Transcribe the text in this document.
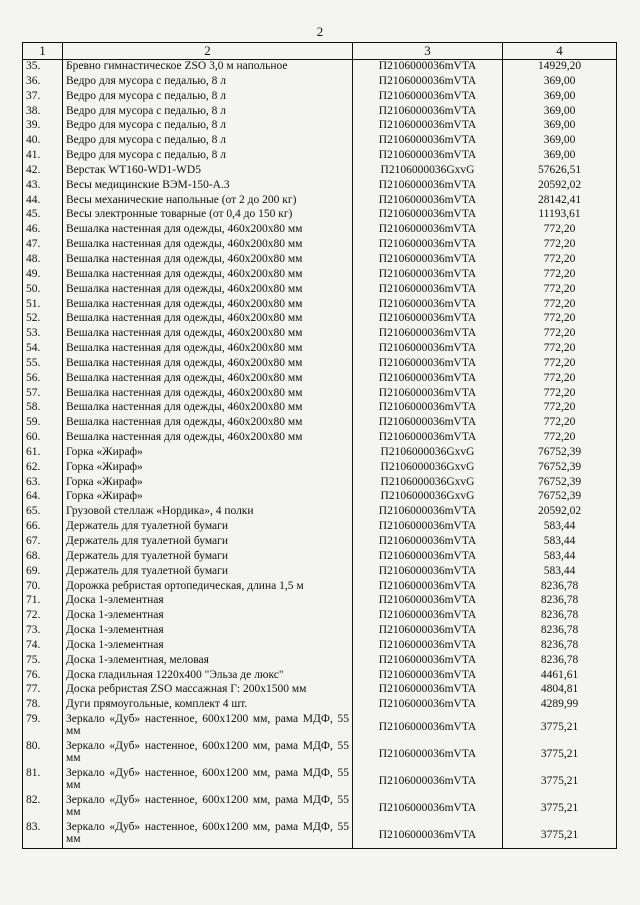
2
1	2	3	4
35.	Бревно гимнастическое ZSO 3,0 м напольное	П2106000036mVTA	14929,20
36.	Ведро для мусора с педалью, 8 л	П2106000036mVTA	369,00
37.	Ведро для мусора с педалью, 8 л	П2106000036mVTA	369,00
38.	Ведро для мусора с педалью, 8 л	П2106000036mVTA	369,00
39.	Ведро для мусора с педалью, 8 л	П2106000036mVTA	369,00
40.	Ведро для мусора с педалью, 8 л	П2106000036mVTA	369,00
41.	Ведро для мусора с педалью, 8 л	П2106000036mVTA	369,00
42.	Верстак WT160-WD1-WD5	П2106000036GxvG	57626,51
43.	Весы медицинские ВЭМ-150-А.3	П2106000036mVTA	20592,02
44.	Весы механические напольные (от 2 до 200 кг)	П2106000036mVTA	28142,41
45.	Весы электронные товарные (от 0,4 до 150 кг)	П2106000036mVTA	11193,61
46.	Вешалка настенная для одежды, 460х200х80 мм	П2106000036mVTA	772,20
47.	Вешалка настенная для одежды, 460х200х80 мм	П2106000036mVTA	772,20
48.	Вешалка настенная для одежды, 460х200х80 мм	П2106000036mVTA	772,20
49.	Вешалка настенная для одежды, 460х200х80 мм	П2106000036mVTA	772,20
50.	Вешалка настенная для одежды, 460х200х80 мм	П2106000036mVTA	772,20
51.	Вешалка настенная для одежды, 460х200х80 мм	П2106000036mVTA	772,20
52.	Вешалка настенная для одежды, 460х200х80 мм	П2106000036mVTA	772,20
53.	Вешалка настенная для одежды, 460х200х80 мм	П2106000036mVTA	772,20
54.	Вешалка настенная для одежды, 460х200х80 мм	П2106000036mVTA	772,20
55.	Вешалка настенная для одежды, 460х200х80 мм	П2106000036mVTA	772,20
56.	Вешалка настенная для одежды, 460х200х80 мм	П2106000036mVTA	772,20
57.	Вешалка настенная для одежды, 460х200х80 мм	П2106000036mVTA	772,20
58.	Вешалка настенная для одежды, 460х200х80 мм	П2106000036mVTA	772,20
59.	Вешалка настенная для одежды, 460х200х80 мм	П2106000036mVTA	772,20
60.	Вешалка настенная для одежды, 460х200х80 мм	П2106000036mVTA	772,20
61.	Горка «Жираф»	П2106000036GxvG	76752,39
62.	Горка «Жираф»	П2106000036GxvG	76752,39
63.	Горка «Жираф»	П2106000036GxvG	76752,39
64.	Горка «Жираф»	П2106000036GxvG	76752,39
65.	Грузовой стеллаж «Нордика», 4 полки	П2106000036mVTA	20592,02
66.	Держатель для туалетной бумаги	П2106000036mVTA	583,44
67.	Держатель для туалетной бумаги	П2106000036mVTA	583,44
68.	Держатель для туалетной бумаги	П2106000036mVTA	583,44
69.	Держатель для туалетной бумаги	П2106000036mVTA	583,44
70.	Дорожка ребристая ортопедическая, длина 1,5 м	П2106000036mVTA	8236,78
71.	Доска 1-элементная	П2106000036mVTA	8236,78
72.	Доска 1-элементная	П2106000036mVTA	8236,78
73.	Доска 1-элементная	П2106000036mVTA	8236,78
74.	Доска 1-элементная	П2106000036mVTA	8236,78
75.	Доска 1-элементная, меловая	П2106000036mVTA	8236,78
76.	Доска гладильная 1220х400 "Эльза де люкс"	П2106000036mVTA	4461,61
77.	Доска ребристая ZSO массажная Г: 200х1500 мм	П2106000036mVTA	4804,81
78.	Дуги прямоугольные, комплект 4 шт.	П2106000036mVTA	4289,99
79.	Зеркало «Дуб» настенное, 600х1200 мм, рама МДФ, 55 мм	П2106000036mVTA	3775,21
80.	Зеркало «Дуб» настенное, 600х1200 мм, рама МДФ, 55 мм	П2106000036mVTA	3775,21
81.	Зеркало «Дуб» настенное, 600х1200 мм, рама МДФ, 55 мм	П2106000036mVTA	3775,21
82.	Зеркало «Дуб» настенное, 600х1200 мм, рама МДФ, 55 мм	П2106000036mVTA	3775,21
83.	Зеркало «Дуб» настенное, 600х1200 мм, рама МДФ, 55 мм	П2106000036mVTA	3775,21
